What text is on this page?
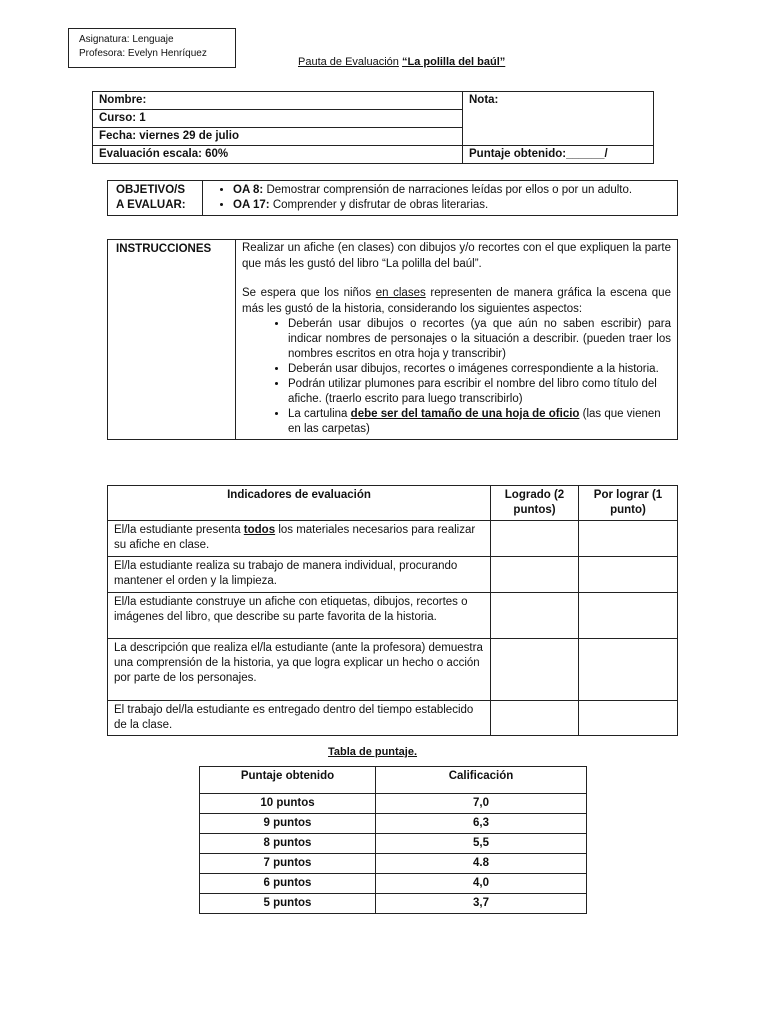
Asignatura: Lenguaje
Profesora: Evelyn Henríquez
Pauta de Evaluación “La polilla del baúl”
Nombre:	Nota:
Curso: 1	
Fecha: viernes 29 de julio	
Evaluación escala: 60%	Puntaje obtenido:______/
OBJETIVO/S A EVALUAR:	
• OA 8: Demostrar comprensión de narraciones leídas por ellos o por un adulto.
• OA 17: Comprender y disfrutar de obras literarias.
INSTRUCCIONES	Realizar un afiche (en clases) con dibujos y/o recortes con el que expliquen la parte que más les gustó del libro “La polilla del baúl”.

Se espera que los niños en clases representen de manera gráfica la escena que más les gustó de la historia, considerando los siguientes aspectos:

• Deberán usar dibujos o recortes (ya que aún no saben escribir) para indicar nombres de personajes o la situación a describir. (pueden traer los nombres escritos en otra hoja y transcribir)
• Deberán usar dibujos, recortes o imágenes correspondiente a la historia.
• Podrán utilizar plumones para escribir el nombre del libro como título del afiche. (traerlo escrito para luego transcribirlo)
• La cartulina debe ser del tamaño de una hoja de oficio (las que vienen en las carpetas)
Indicadores de evaluación	Logrado (2 puntos)	Por lograr (1 punto)
El/la estudiante presenta todos los materiales necesarios para realizar su afiche en clase.		
El/la estudiante realiza su trabajo de manera individual, procurando mantener el orden y la limpieza.		
El/la estudiante construye un afiche con etiquetas, dibujos, recortes o imágenes del libro, que describe su parte favorita de la historia.		
La descripción que realiza el/la estudiante (ante la profesora) demuestra una comprensión de la historia, ya que logra explicar un hecho o acción por parte de los personajes.		
El trabajo del/la estudiante es entregado dentro del tiempo establecido de la clase.		
Tabla de puntaje.
Puntaje obtenido	Calificación
10 puntos	7,0
9 puntos	6,3
8 puntos	5,5
7 puntos	4.8
6 puntos	4,0
5 puntos	3,7
